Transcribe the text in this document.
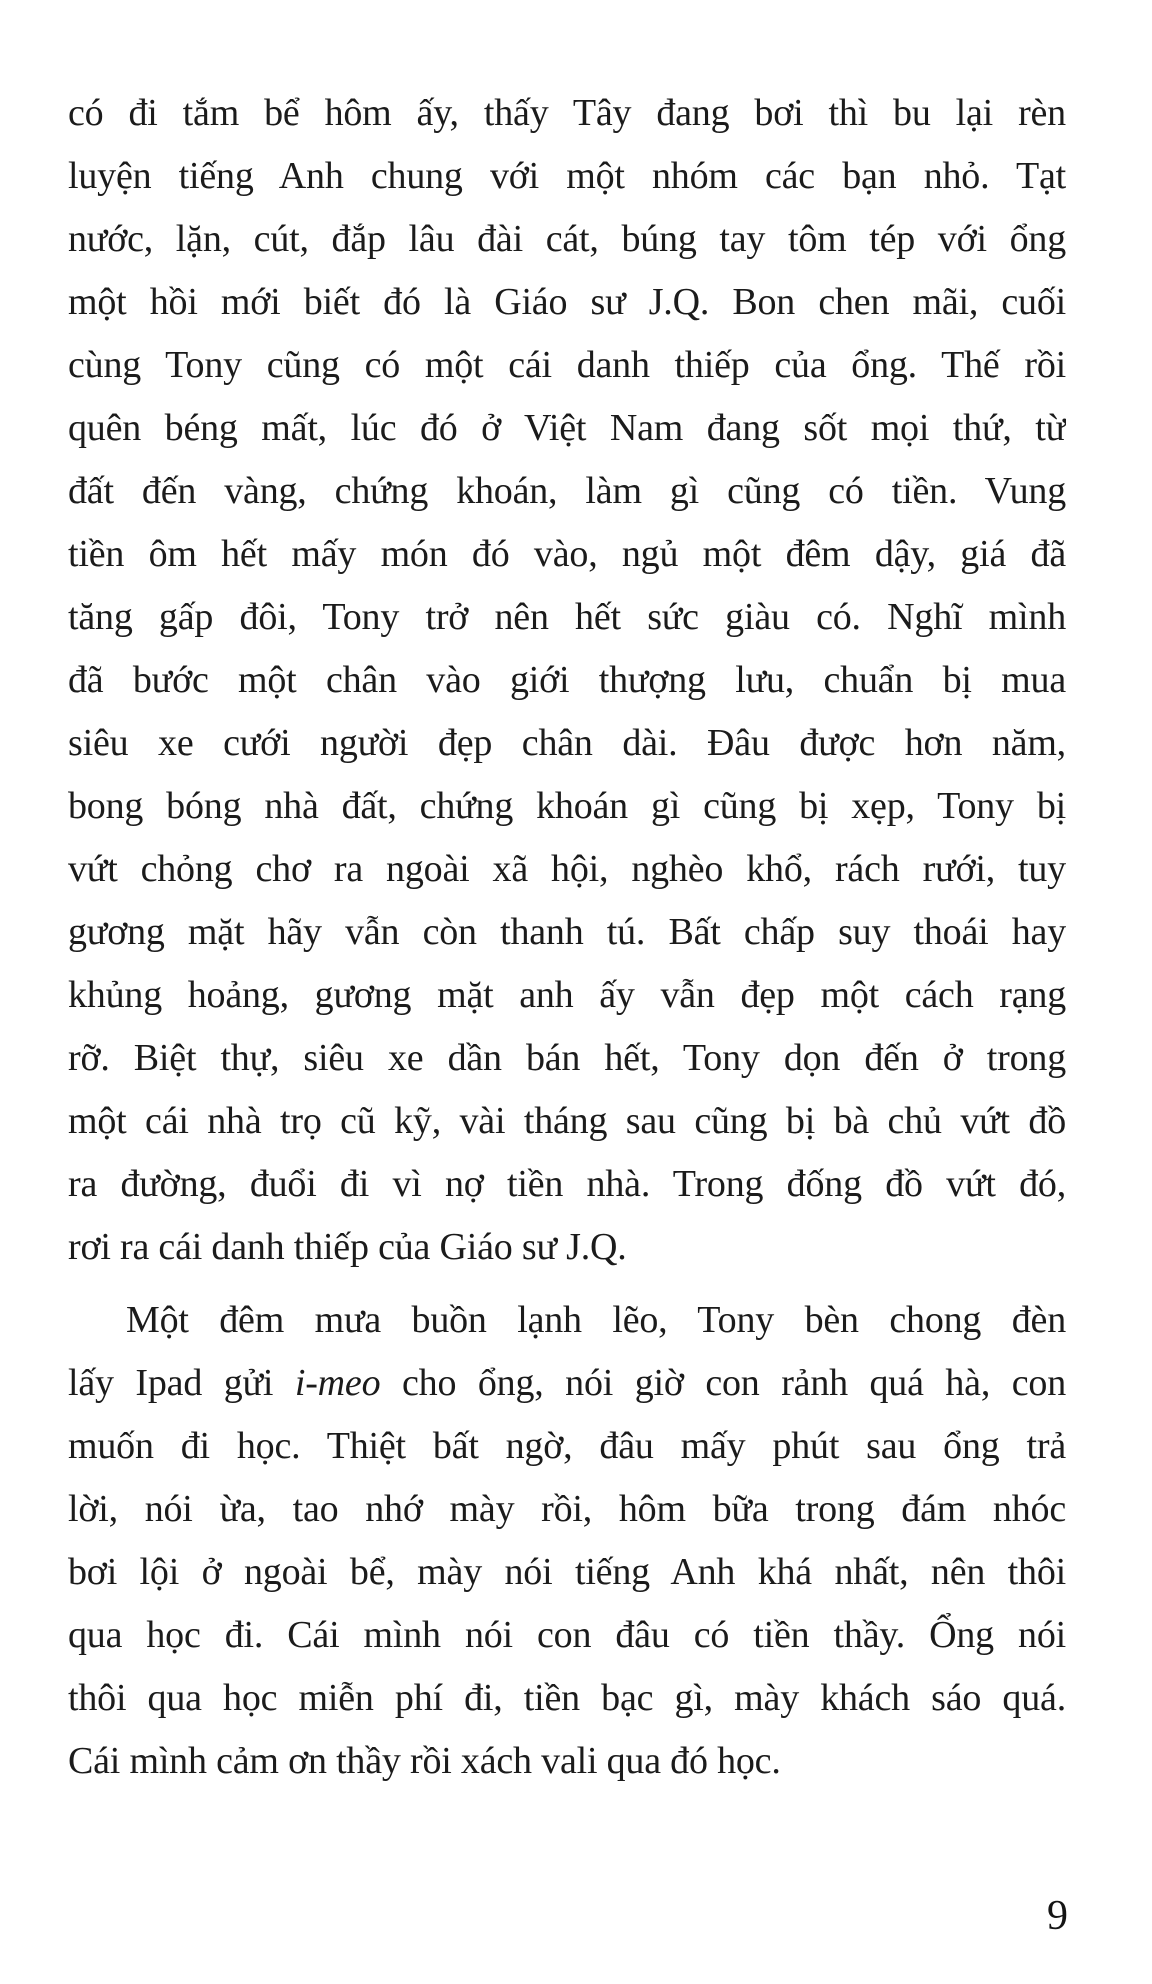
có đi tắm bể hôm ấy, thấy Tây đang bơi thì bu lại rèn
luyện tiếng Anh chung với một nhóm các bạn nhỏ. Tạt
nước, lặn, cút, đắp lâu đài cát, búng tay tôm tép với ổng
một hồi mới biết đó là Giáo sư J.Q. Bon chen mãi, cuối
cùng Tony cũng có một cái danh thiếp của ổng. Thế rồi
quên béng mất, lúc đó ở Việt Nam đang sốt mọi thứ, từ
đất đến vàng, chứng khoán, làm gì cũng có tiền. Vung
tiền ôm hết mấy món đó vào, ngủ một đêm dậy, giá đã
tăng gấp đôi, Tony trở nên hết sức giàu có. Nghĩ mình
đã bước một chân vào giới thượng lưu, chuẩn bị mua
siêu xe cưới người đẹp chân dài. Đâu được hơn năm,
bong bóng nhà đất, chứng khoán gì cũng bị xẹp, Tony bị
vứt chỏng chơ ra ngoài xã hội, nghèo khổ, rách rưới, tuy
gương mặt hãy vẫn còn thanh tú. Bất chấp suy thoái hay
khủng hoảng, gương mặt anh ấy vẫn đẹp một cách rạng
rỡ. Biệt thự, siêu xe dần bán hết, Tony dọn đến ở trong
một cái nhà trọ cũ kỹ, vài tháng sau cũng bị bà chủ vứt đồ
ra đường, đuổi đi vì nợ tiền nhà. Trong đống đồ vứt đó,
rơi ra cái danh thiếp của Giáo sư J.Q.

Một đêm mưa buồn lạnh lẽo, Tony bèn chong đèn
lấy Ipad gửi i-meo cho ổng, nói giờ con rảnh quá hà, con
muốn đi học. Thiệt bất ngờ, đâu mấy phút sau ổng trả
lời, nói ừa, tao nhớ mày rồi, hôm bữa trong đám nhóc
bơi lội ở ngoài bể, mày nói tiếng Anh khá nhất, nên thôi
qua học đi. Cái mình nói con đâu có tiền thầy. Ổng nói
thôi qua học miễn phí đi, tiền bạc gì, mày khách sáo quá.
Cái mình cảm ơn thầy rồi xách vali qua đó học.

9
